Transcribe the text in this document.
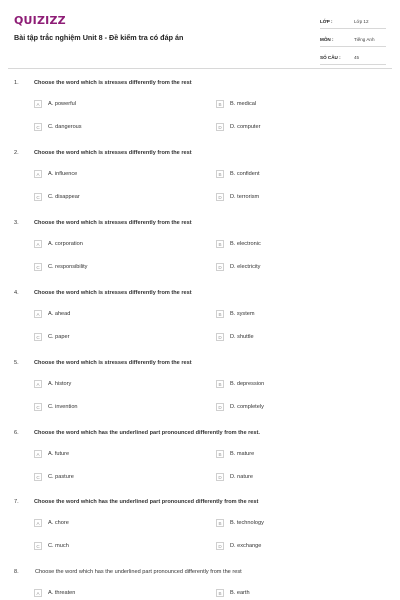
QUIZIZZ
Bài tập trắc nghiệm Unit 8 - Đề kiểm tra có đáp án
LỚP :	Lớp 12
MÔN :	Tiếng Anh
SỐ CÂU :	45
1.	Choose the word which is stresses differently from the rest
A	A. powerful	B	B. medical
C	C. dangerous	D	D. computer
2.	Choose the word which is stresses differently from the rest
A	A. influence	B	B. confident
C	C. disappear	D	D. terrorism
3.	Choose the word which is stresses differently from the rest
A	A. corporation	B	B. electronic
C	C. responsibility	D	D. electricity
4.	Choose the word which is stresses differently from the rest
A	A. ahead	B	B. system
C	C. paper	D	D. shuttle
5.	Choose the word which is stresses differently from the rest
A	A. history	B	B. depression
C	C. invention	D	D. completely
6.	Choose the word which has the underlined part pronounced differently from the rest.
A	A. future	B	B. mature
C	C. pasture	D	D. nature
7.	Choose the word which has the underlined part pronounced differently from the rest
A	A. chore	B	B. technology
C	C. much	D	D. exchange
8.	Choose the word which has the underlined part pronounced differently from the rest
A	A. threaten	B	B. earth
